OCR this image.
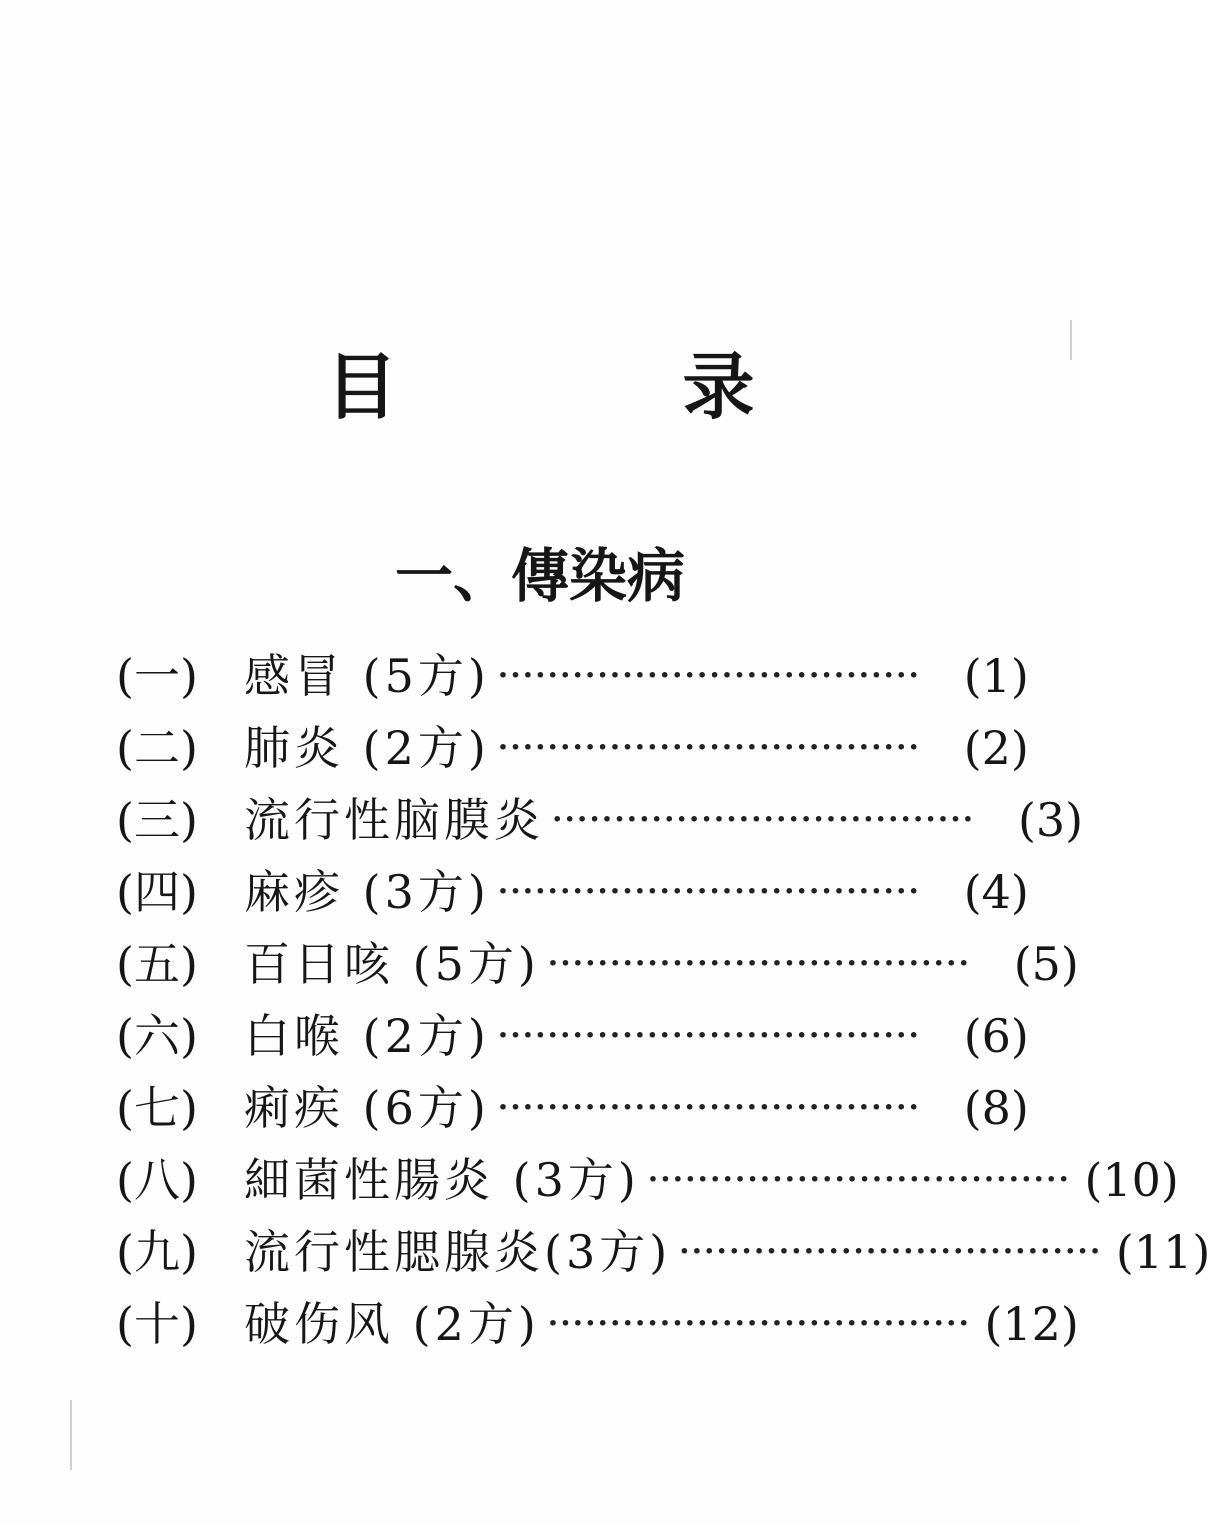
目 录
一、傳染病
(一)	感冒 (5方) ·································· (1)
(二)	肺炎 (2方) ·································· (2)
(三)	流行性脑膜炎 ·································· (3)
(四)	麻疹 (3方) ·································· (4)
(五)	百日咳 (5方) ·································· (5)
(六)	白喉 (2方) ·································· (6)
(七)	痢疾 (6方) ·································· (8)
(八)	細菌性腸炎 (3方) ·································· (10)
(九)	流行性腮腺炎(3方) ·································· (11)
(十)	破伤风 (2方) ·································· (12)
